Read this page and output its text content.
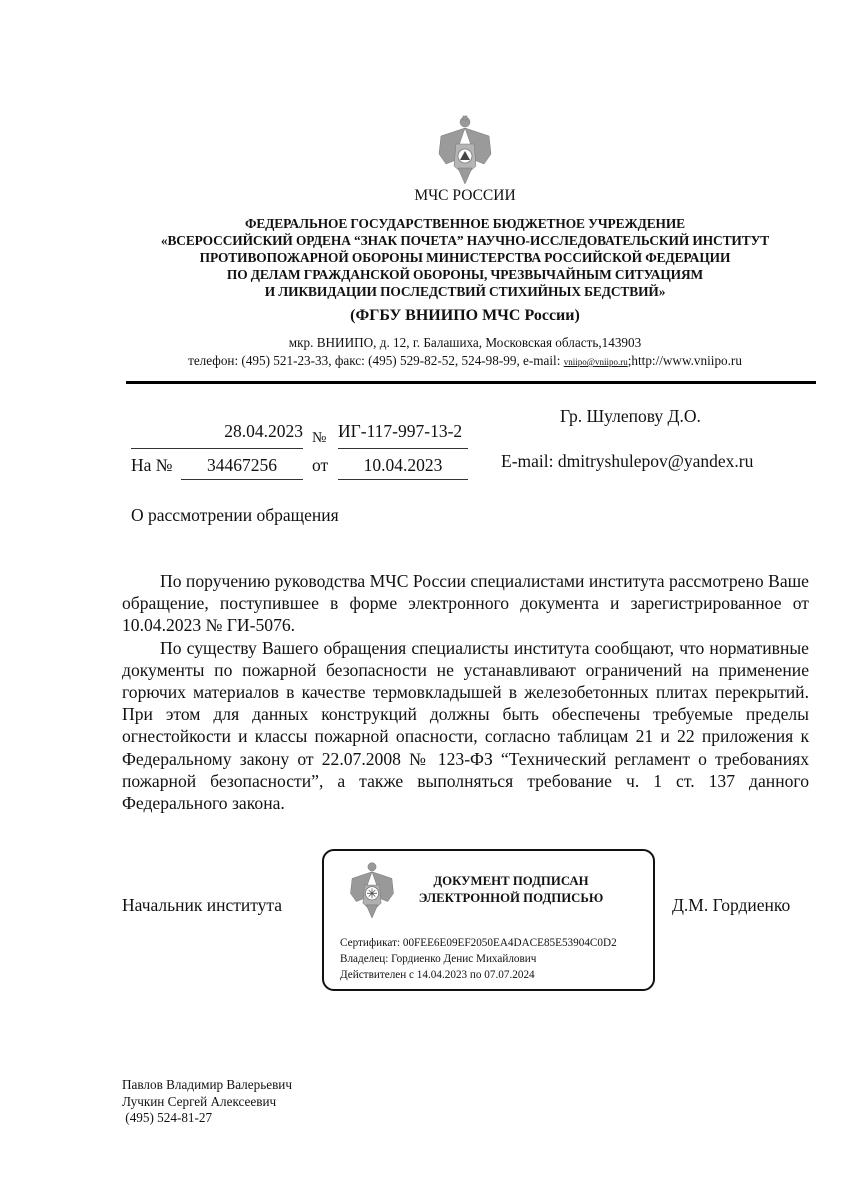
МЧС РОССИИ
ФЕДЕРАЛЬНОЕ ГОСУДАРСТВЕННОЕ БЮДЖЕТНОЕ УЧРЕЖДЕНИЕ
«ВСЕРОССИЙСКИЙ ОРДЕНА “ЗНАК ПОЧЕТА” НАУЧНО-ИССЛЕДОВАТЕЛЬСКИЙ ИНСТИТУТ
ПРОТИВОПОЖАРНОЙ ОБОРОНЫ МИНИСТЕРСТВА РОССИЙСКОЙ ФЕДЕРАЦИИ
ПО ДЕЛАМ ГРАЖДАНСКОЙ ОБОРОНЫ, ЧРЕЗВЫЧАЙНЫМ СИТУАЦИЯМ
И ЛИКВИДАЦИИ ПОСЛЕДСТВИЙ СТИХИЙНЫХ БЕДСТВИЙ»
(ФГБУ ВНИИПО МЧС России)
мкр. ВНИИПО, д. 12, г. Балашиха, Московская область,143903
телефон: (495) 521-23-33, факс: (495) 529-82-52, 524-98-99, e-mail: vniipo@vniipo.ru;http://www.vniipo.ru
28.04.2023 № ИГ-117-997-13-2
На №	34467256	от	10.04.2023
Гр. Шулепову Д.О.
E-mail: dmitryshulepov@yandex.ru
О рассмотрении обращения

По поручению руководства МЧС России специалистами института рассмотрено Ваше обращение, поступившее в форме электронного документа и зарегистрированное от 10.04.2023 № ГИ-5076.

По существу Вашего обращения специалисты института сообщают, что нормативные документы по пожарной безопасности не устанавливают ограничений на применение горючих материалов в качестве термовкладышей в железобетонных плитах перекрытий. При этом для данных конструкций должны быть обеспечены требуемые пределы огнестойкости и классы пожарной опасности, согласно таблицам 21 и 22 приложения к Федеральному закону от 22.07.2008 № 123-ФЗ “Технический регламент о требованиях пожарной безопасности”, а также выполняться требование ч. 1 ст. 137 данного Федерального закона.

Начальник института
ДОКУМЕНТ ПОДПИСАН
ЭЛЕКТРОННОЙ ПОДПИСЬЮ
Сертификат: 00FEE6E09EF2050EA4DACE85E53904C0D2
Владелец: Гордиенко Денис Михайлович
Действителен с 14.04.2023 по 07.07.2024
Д.М. Гордиенко
Павлов Владимир Валерьевич
Лучкин Сергей Алексеевич
(495) 524-81-27
